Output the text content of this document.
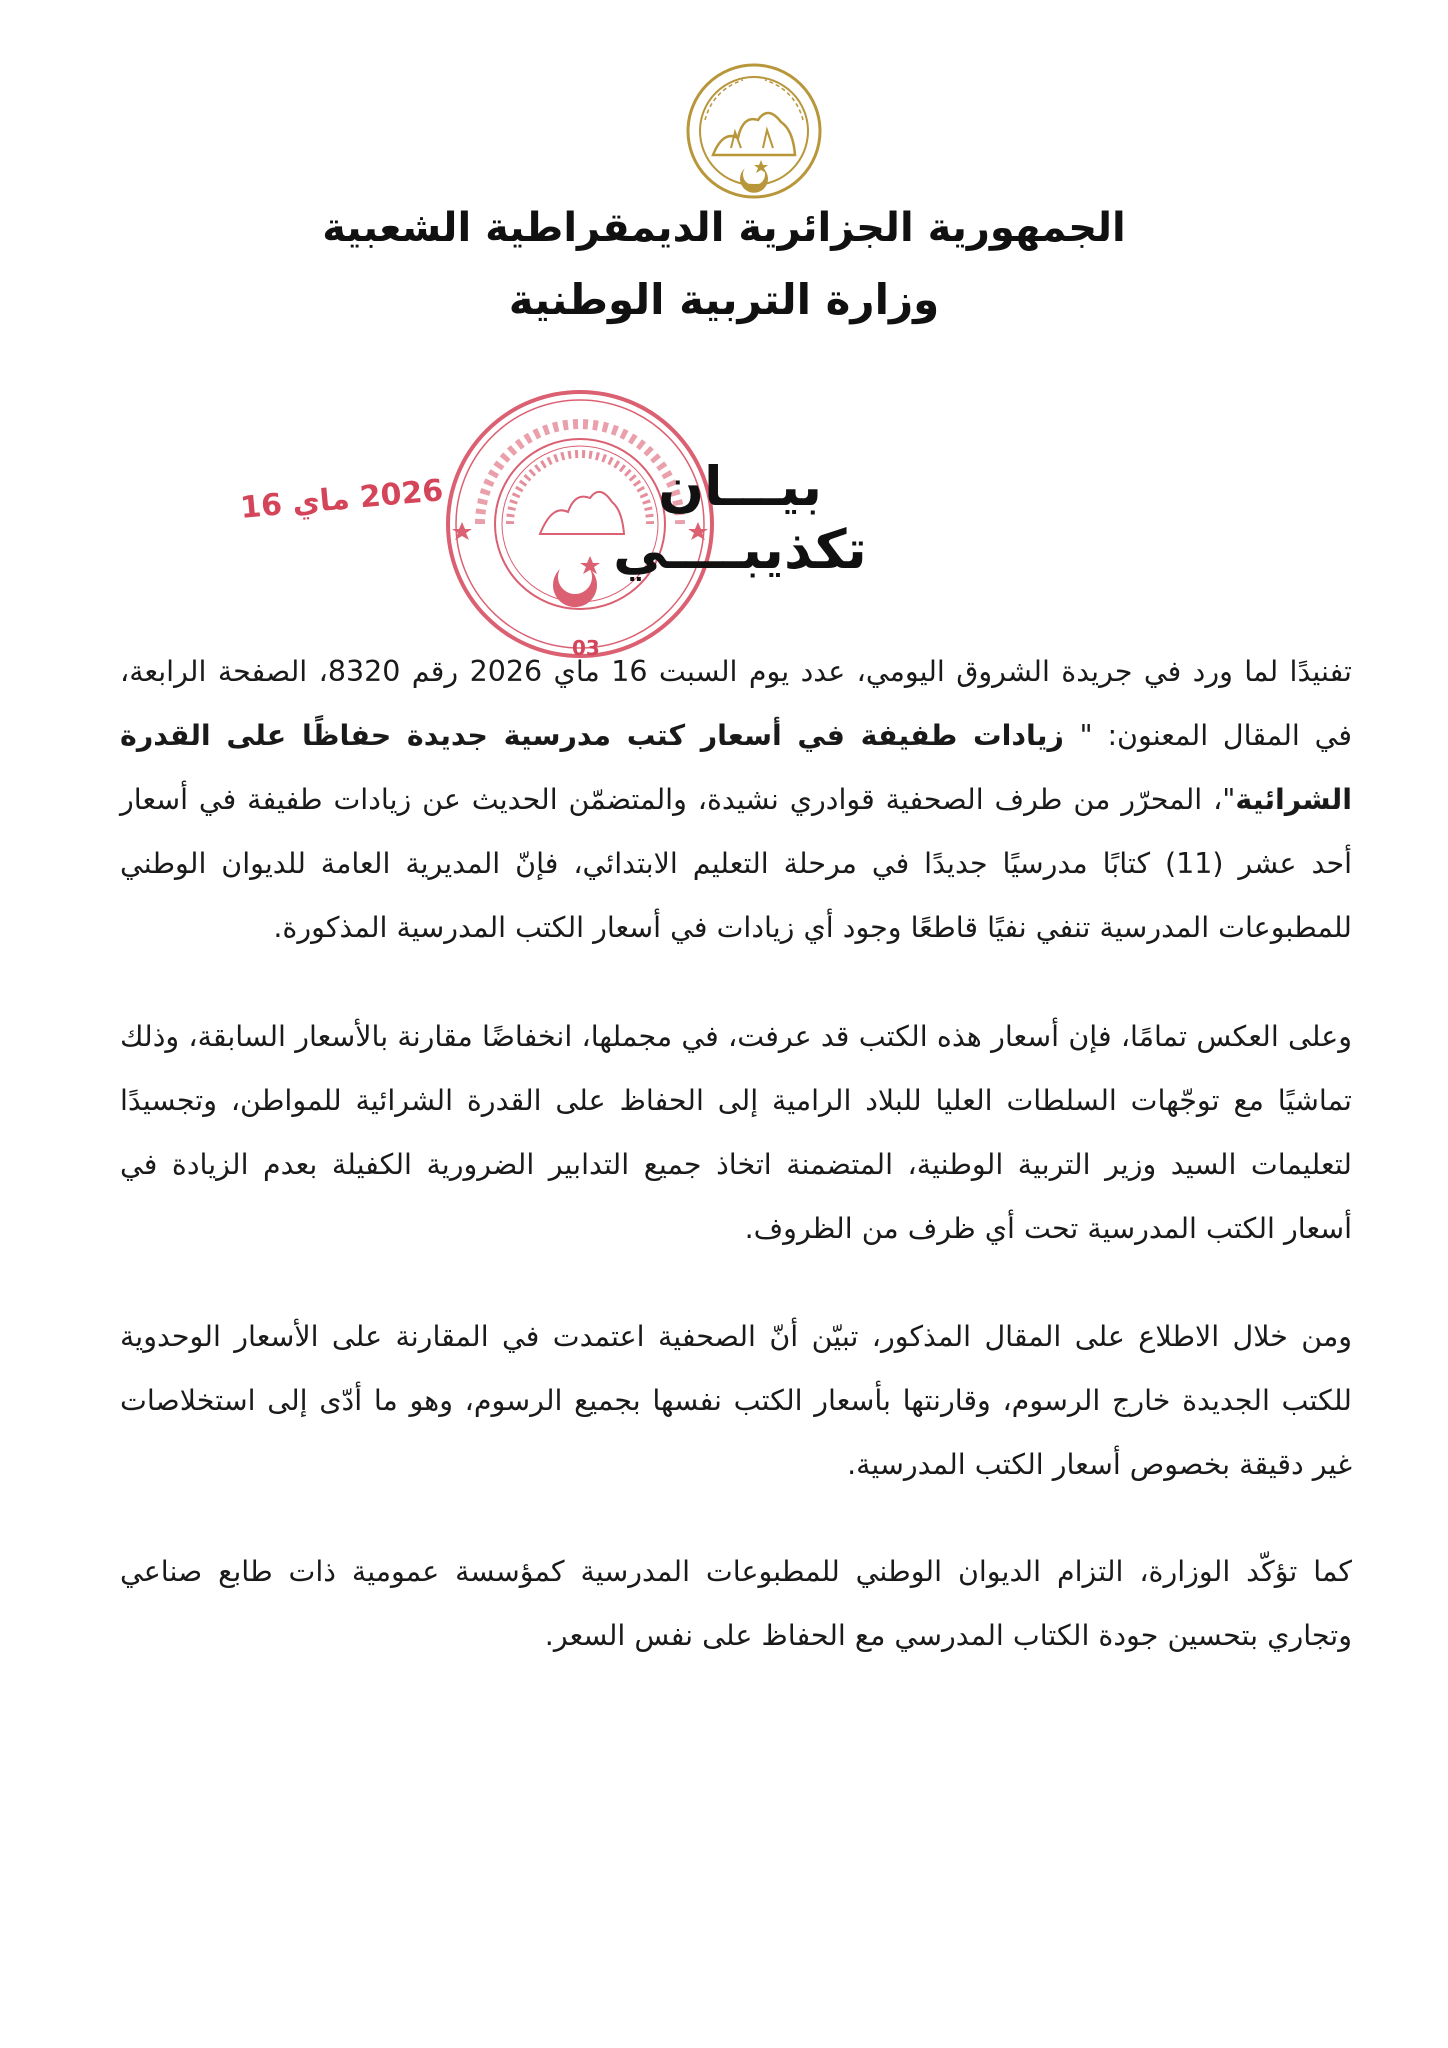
الجمهورية الجزائرية الديمقراطية الشعبية
وزارة التربية الوطنية
بيـــان تكذيبــــي
2026 ماي 16
03
تفنيدًا لما ورد في جريدة الشروق اليومي، عدد يوم السبت 16 ماي 2026 رقم 8320، الصفحة الرابعة، في المقال المعنون: " زيادات طفيفة في أسعار كتب مدرسية جديدة حفاظًا على القدرة الشرائية"، المحرّر من طرف الصحفية قوادري نشيدة، والمتضمّن الحديث عن زيادات طفيفة في أسعار أحد عشر (11) كتابًا مدرسيًا جديدًا في مرحلة التعليم الابتدائي، فإنّ المديرية العامة للديوان الوطني للمطبوعات المدرسية تنفي نفيًا قاطعًا وجود أي زيادات في أسعار الكتب المدرسية المذكورة.
وعلى العكس تمامًا، فإن أسعار هذه الكتب قد عرفت، في مجملها، انخفاضًا مقارنة بالأسعار السابقة، وذلك تماشيًا مع توجّهات السلطات العليا للبلاد الرامية إلى الحفاظ على القدرة الشرائية للمواطن، وتجسيدًا لتعليمات السيد وزير التربية الوطنية، المتضمنة اتخاذ جميع التدابير الضرورية الكفيلة بعدم الزيادة في أسعار الكتب المدرسية تحت أي ظرف من الظروف.
ومن خلال الاطلاع على المقال المذكور، تبيّن أنّ الصحفية اعتمدت في المقارنة على الأسعار الوحدوية للكتب الجديدة خارج الرسوم، وقارنتها بأسعار الكتب نفسها بجميع الرسوم، وهو ما أدّى إلى استخلاصات غير دقيقة بخصوص أسعار الكتب المدرسية.
كما تؤكّد الوزارة، التزام الديوان الوطني للمطبوعات المدرسية كمؤسسة عمومية ذات طابع صناعي وتجاري بتحسين جودة الكتاب المدرسي مع الحفاظ على نفس السعر.
